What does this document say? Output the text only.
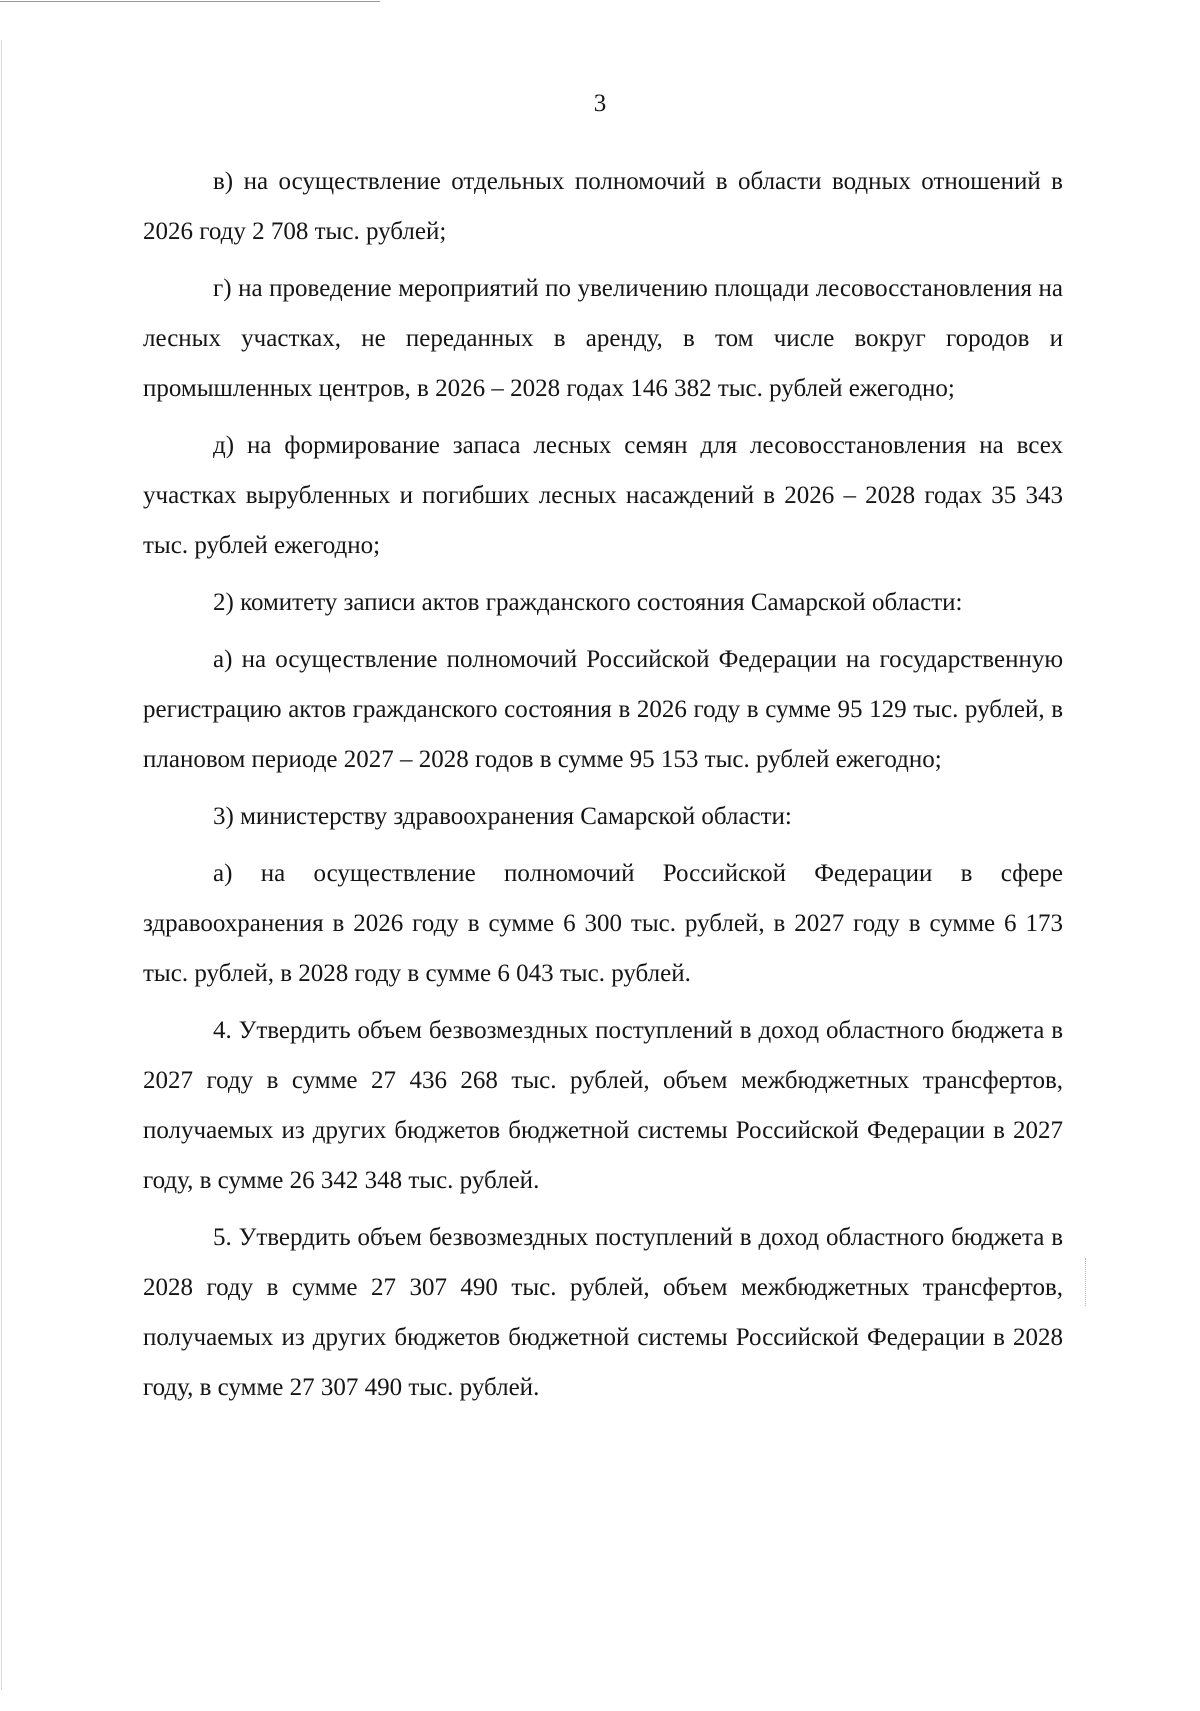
3

в) на осуществление отдельных полномочий в области водных отношений в 2026 году 2 708 тыс. рублей;

г) на проведение мероприятий по увеличению площади лесовосстановления на лесных участках, не переданных в аренду, в том числе вокруг городов и промышленных центров, в 2026 – 2028 годах 146 382 тыс. рублей ежегодно;

д) на формирование запаса лесных семян для лесовосстановления на всех участках вырубленных и погибших лесных насаждений в 2026 – 2028 годах 35 343 тыс. рублей ежегодно;

2) комитету записи актов гражданского состояния Самарской области:

а) на осуществление полномочий Российской Федерации на государственную регистрацию актов гражданского состояния в 2026 году в сумме 95 129 тыс. рублей, в плановом периоде 2027 – 2028 годов в сумме 95 153 тыс. рублей ежегодно;

3) министерству здравоохранения Самарской области:

а) на осуществление полномочий Российской Федерации в сфере здравоохранения в 2026 году в сумме 6 300 тыс. рублей, в 2027 году в сумме 6 173 тыс. рублей, в 2028 году в сумме 6 043 тыс. рублей.

4. Утвердить объем безвозмездных поступлений в доход областного бюджета в 2027 году в сумме 27 436 268 тыс. рублей, объем межбюджетных трансфертов, получаемых из других бюджетов бюджетной системы Российской Федерации в 2027 году, в сумме 26 342 348 тыс. рублей.

5. Утвердить объем безвозмездных поступлений в доход областного бюджета в 2028 году в сумме 27 307 490 тыс. рублей, объем межбюджетных трансфертов, получаемых из других бюджетов бюджетной системы Российской Федерации в 2028 году, в сумме 27 307 490 тыс. рублей.
